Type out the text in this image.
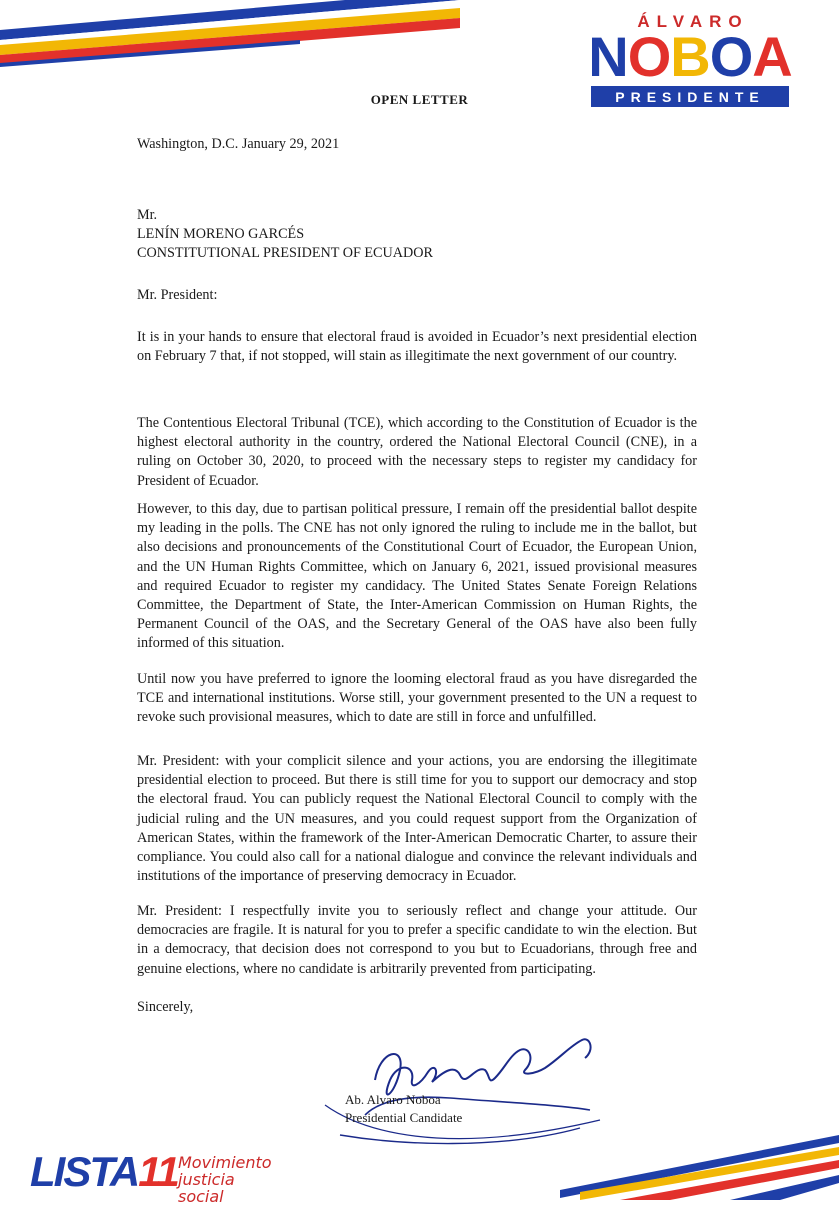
ÁLVARO
NOBOA
PRESIDENTE
OPEN LETTER
Washington, D.C. January 29, 2021
Mr.
LENÍN MORENO GARCÉS
CONSTITUTIONAL PRESIDENT OF ECUADOR
Mr. President:

It is in your hands to ensure that electoral fraud is avoided in Ecuador’s next presidential election on February 7 that, if not stopped, will stain as illegitimate the next government of our country.

The Contentious Electoral Tribunal (TCE), which according to the Constitution of Ecuador is the highest electoral authority in the country, ordered the National Electoral Council (CNE), in a ruling on October 30, 2020, to proceed with the necessary steps to register my candidacy for President of Ecuador.

However, to this day, due to partisan political pressure, I remain off the presidential ballot despite my leading in the polls. The CNE has not only ignored the ruling to include me in the ballot, but also decisions and pronouncements of the Constitutional Court of Ecuador, the European Union, and the UN Human Rights Committee, which on January 6, 2021, issued provisional measures and required Ecuador to register my candidacy. The United States Senate Foreign Relations Committee, the Department of State, the Inter-American Commission on Human Rights, the Permanent Council of the OAS, and the Secretary General of the OAS have also been fully informed of this situation.

Until now you have preferred to ignore the looming electoral fraud as you have disregarded the TCE and international institutions. Worse still, your government presented to the UN a request to revoke such provisional measures, which to date are still in force and unfulfilled.

Mr. President: with your complicit silence and your actions, you are endorsing the illegitimate presidential election to proceed. But there is still time for you to support our democracy and stop the electoral fraud. You can publicly request the National Electoral Council to comply with the judicial ruling and the UN measures, and you could request support from the Organization of American States, within the framework of the Inter-American Democratic Charter, to assure their compliance. You could also call for a national dialogue and convince the relevant individuals and institutions of the importance of preserving democracy in Ecuador.

Mr. President: I respectfully invite you to seriously reflect and change your attitude. Our democracies are fragile. It is natural for you to prefer a specific candidate to win the election. But in a democracy, that decision does not correspond to you but to Ecuadorians, through free and genuine elections, where no candidate is arbitrarily prevented from participating.

Sincerely,
Ab. Alvaro Noboa
Presidential Candidate
LISTA11 Movimiento
justicia social
